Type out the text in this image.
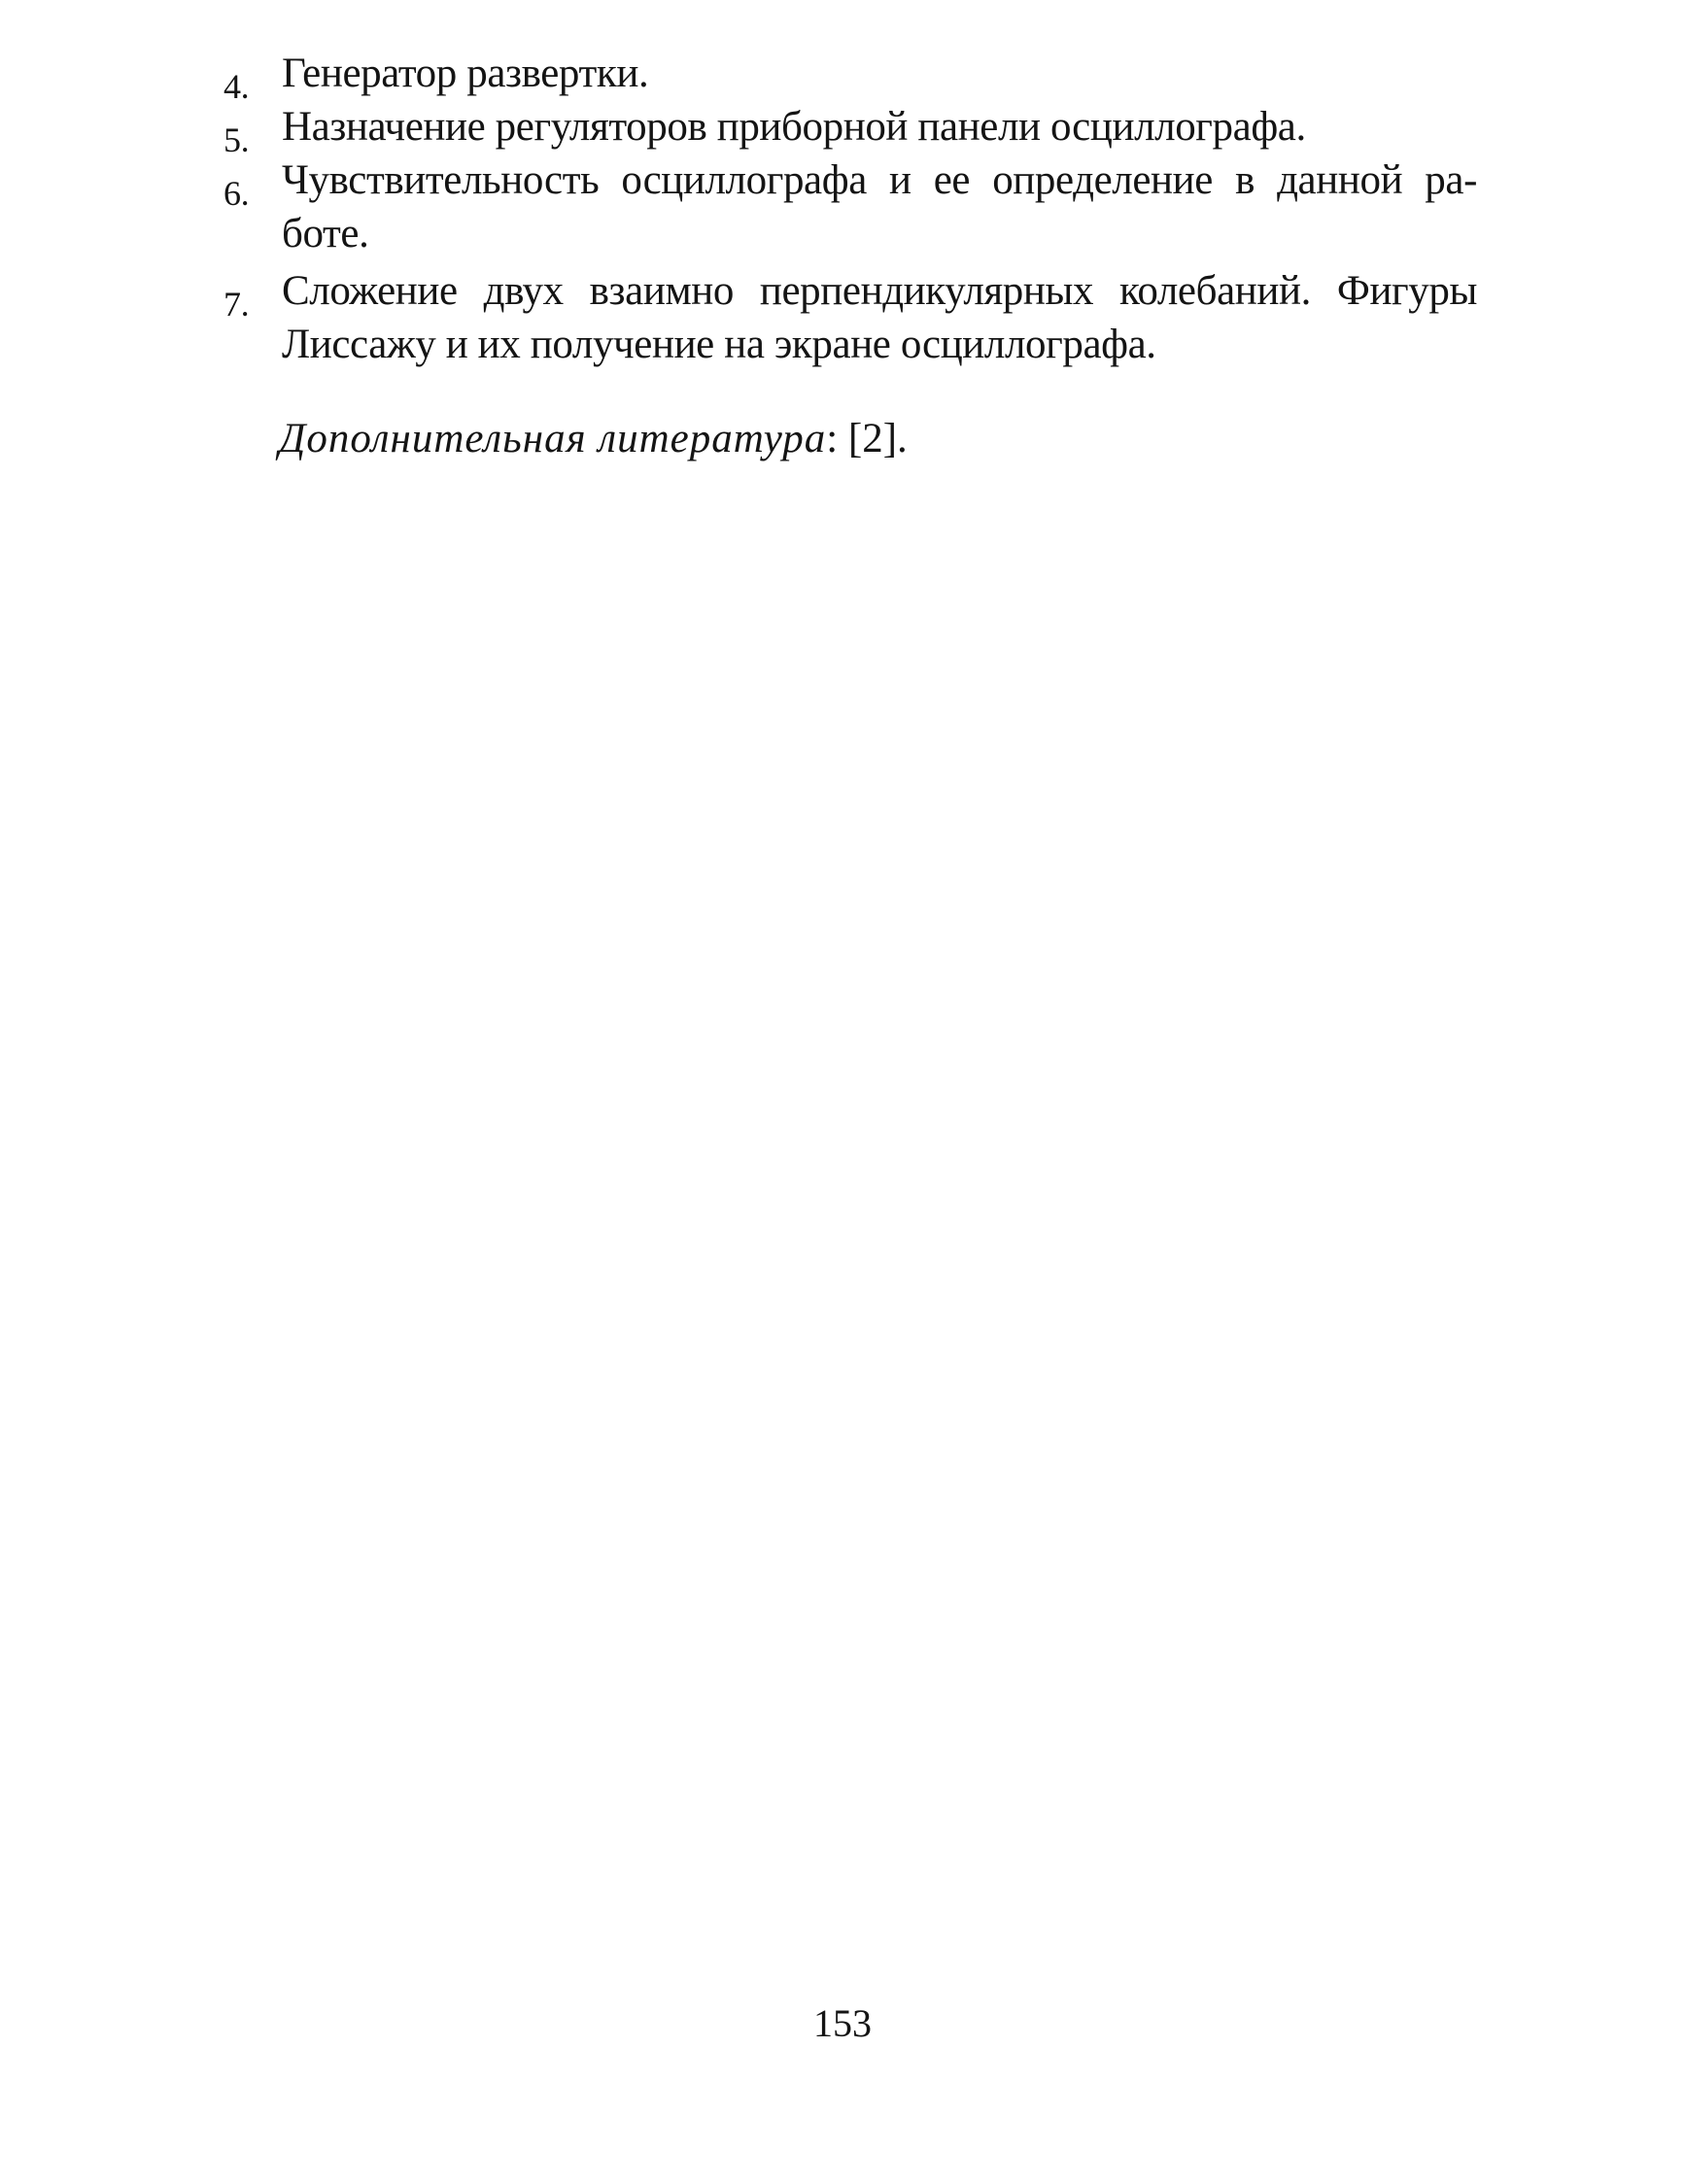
4. Генератор развертки.
5. Назначение регуляторов приборной панели осциллографа.
6. Чувствительность осциллографа и ее определение в данной ра-боте.
7. Сложение двух взаимно перпендикулярных колебаний. Фигуры Лиссажу и их получение на экране осциллографа.
Дополнительная литература: [2].
153
